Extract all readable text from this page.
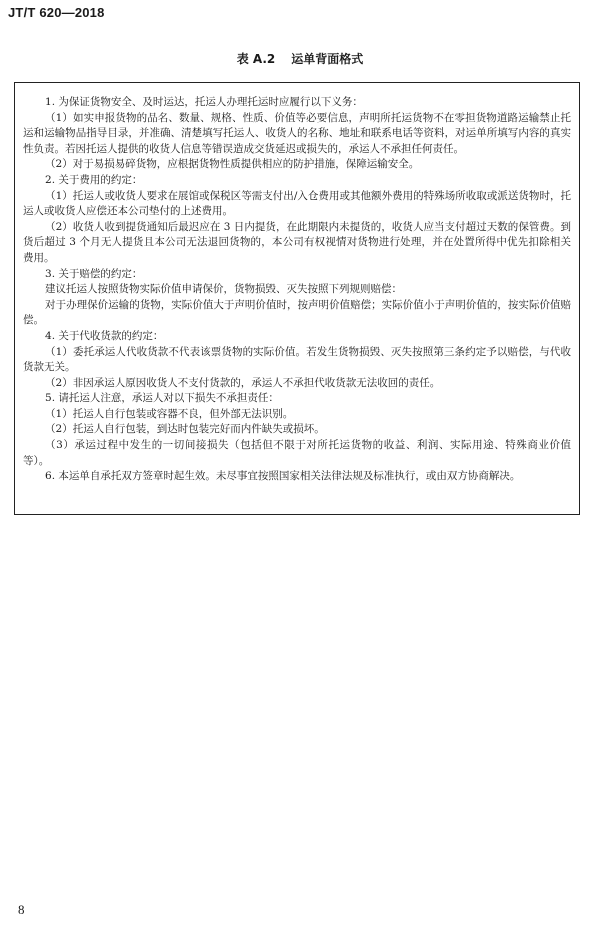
JT/T 620—2018
表 A.2 运单背面格式
1. 为保证货物安全、及时运达，托运人办理托运时应履行以下义务：
（1）如实申报货物的品名、数量、规格、性质、价值等必要信息，声明所托运货物不在零担货物道路运输禁止托运和运输物品指导目录，并准确、清楚填写托运人、收货人的名称、地址和联系电话等资料，对运单所填写内容的真实性负责。若因托运人提供的收货人信息等错误造成交货延迟或损失的，承运人不承担任何责任。
（2）对于易损易碎货物，应根据货物性质提供相应的防护措施，保障运输安全。
2. 关于费用的约定：
（1）托运人或收货人要求在展馆或保税区等需支付出/入仓费用或其他额外费用的特殊场所收取或派送货物时，托运人或收货人应偿还本公司垫付的上述费用。
（2）收货人收到提货通知后最迟应在 3 日内提货，在此期限内未提货的，收货人应当支付超过天数的保管费。到货后超过 3 个月无人提货且本公司无法退回货物的，本公司有权视情对货物进行处理，并在处置所得中优先扣除相关费用。
3. 关于赔偿的约定：
建议托运人按照货物实际价值申请保价，货物损毁、灭失按照下列规则赔偿：
对于办理保价运输的货物，实际价值大于声明价值时，按声明价值赔偿；实际价值小于声明价值的，按实际价值赔偿。
4. 关于代收货款的约定：
（1）委托承运人代收货款不代表该票货物的实际价值。若发生货物损毁、灭失按照第三条约定予以赔偿，与代收货款无关。
（2）非因承运人原因收货人不支付货款的，承运人不承担代收货款无法收回的责任。
5. 请托运人注意，承运人对以下损失不承担责任：
（1）托运人自行包装或容器不良，但外部无法识别。
（2）托运人自行包装，到达时包装完好而内件缺失或损坏。
（3）承运过程中发生的一切间接损失（包括但不限于对所托运货物的收益、利润、实际用途、特殊商业价值等）。
6. 本运单自承托双方签章时起生效。未尽事宜按照国家相关法律法规及标准执行，或由双方协商解决。
8
